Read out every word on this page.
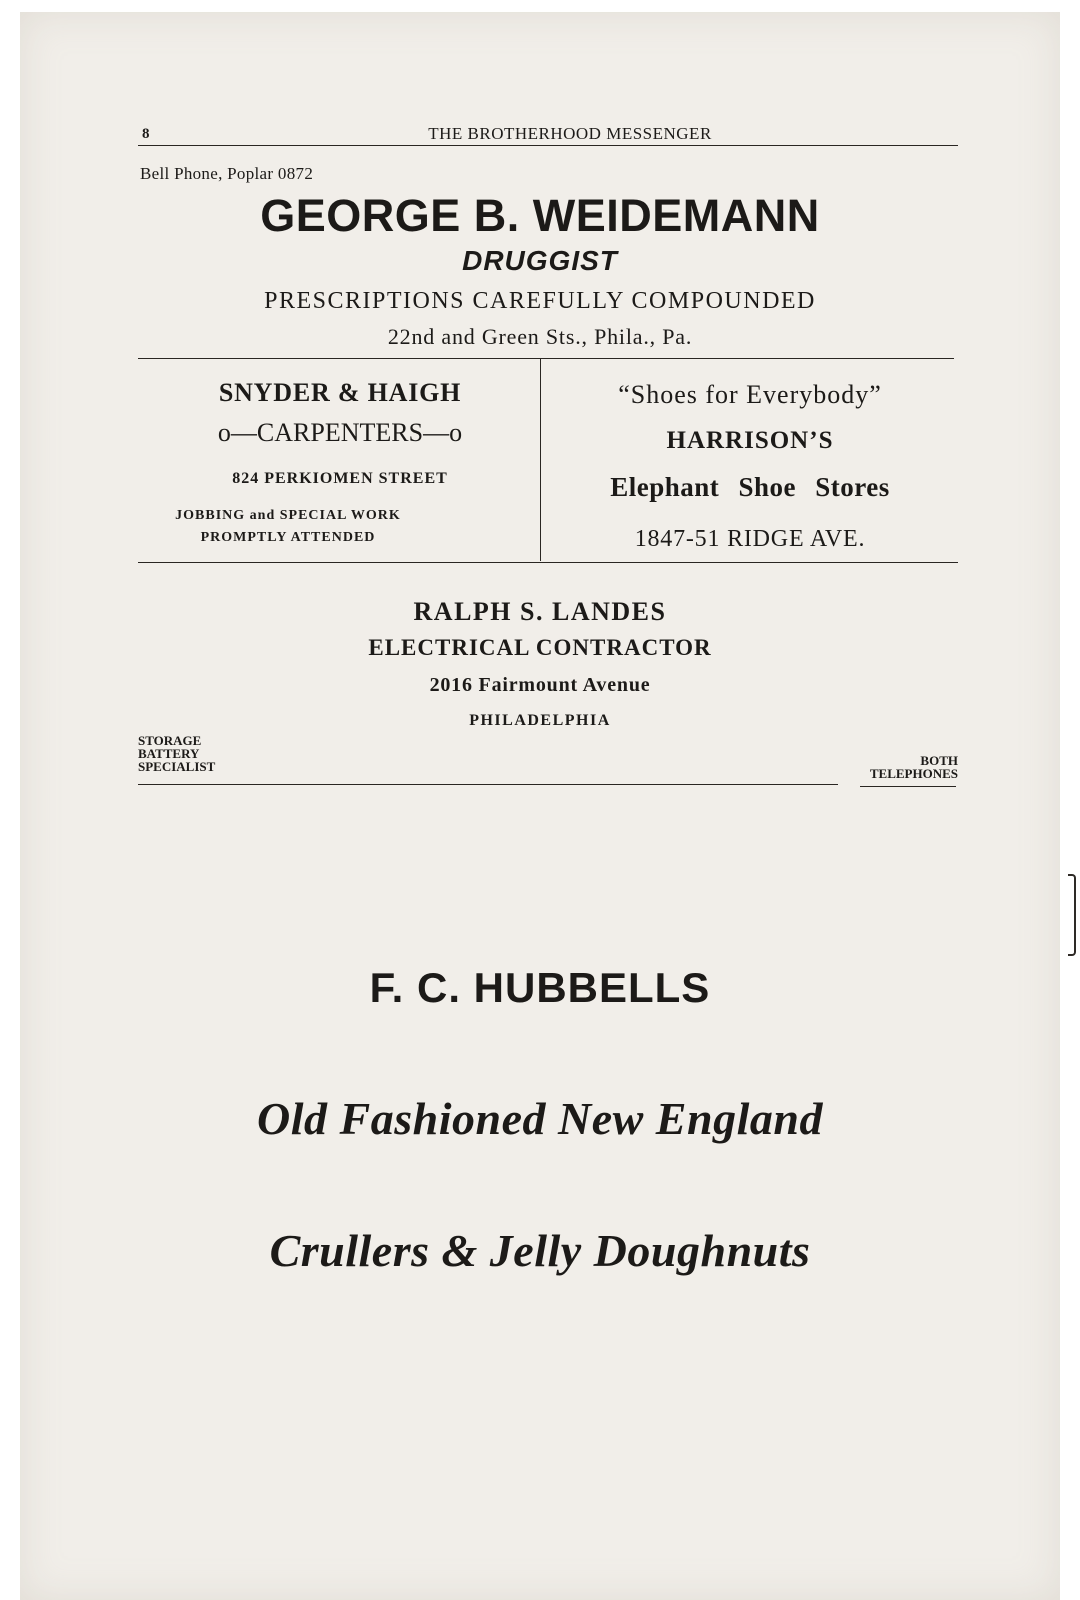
8	THE BROTHERHOOD MESSENGER
Bell Phone, Poplar 0872
GEORGE B. WEIDEMANN
DRUGGIST
PRESCRIPTIONS CAREFULLY COMPOUNDED
22nd and Green Sts., Phila., Pa.
SNYDER & HAIGH
o—CARPENTERS—o
824 PERKIOMEN STREET
JOBBING and SPECIAL WORK
PROMPTLY ATTENDED
“Shoes for Everybody”
HARRISON’S
Elephant Shoe Stores
1847-51 RIDGE AVE.
RALPH S. LANDES
ELECTRICAL CONTRACTOR
2016 Fairmount Avenue
PHILADELPHIA
STORAGE
BATTERY
SPECIALIST	BOTH
TELEPHONES
F. C. HUBBELLS
Old Fashioned New England
Crullers & Jelly Doughnuts
